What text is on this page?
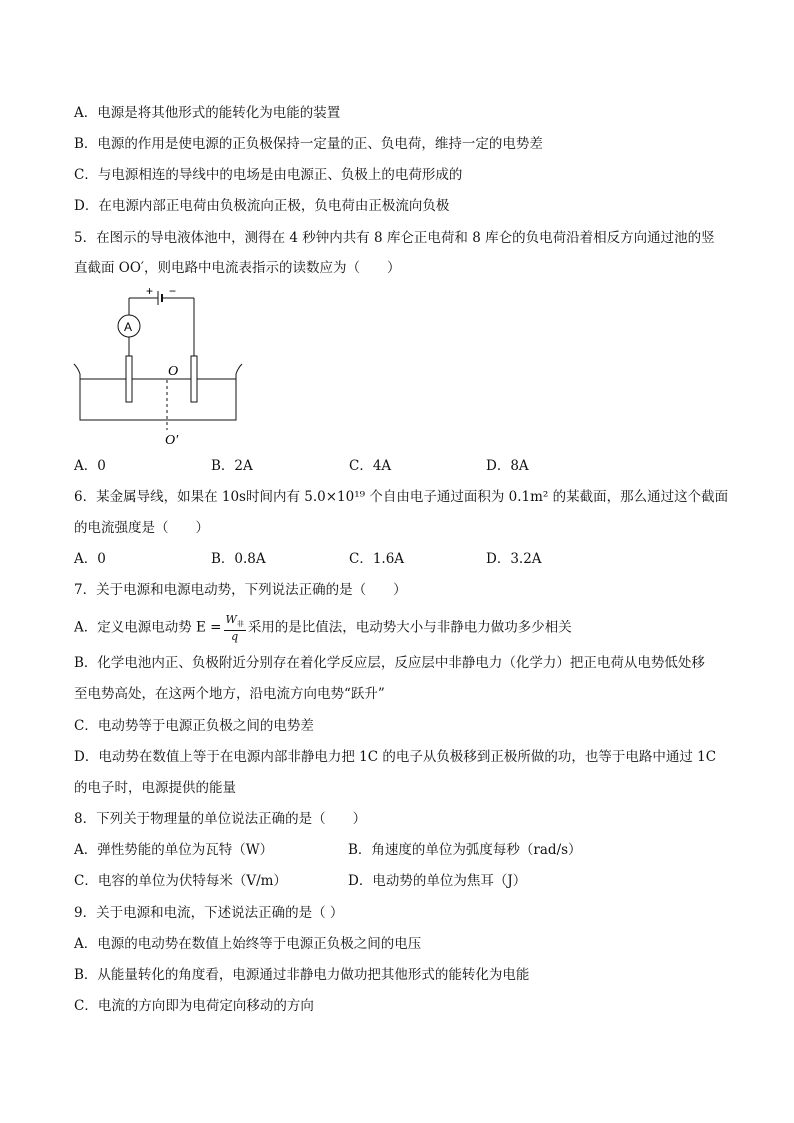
A．电源是将其他形式的能转化为电能的装置
B．电源的作用是使电源的正负极保持一定量的正、负电荷，维持一定的电势差
C．与电源相连的导线中的电场是由电源正、负极上的电荷形成的
D．在电源内部正电荷由负极流向正极，负电荷由正极流向负极
5．在图示的导电液体池中，测得在 4 秒钟内共有 8 库仑正电荷和 8 库仑的负电荷沿着相反方向通过池的竖
直截面 OO′，则电路中电流表指示的读数应为（　　）
+ −
A
O
O′
A．0	B．2A	C．4A	D．8A
6．某金属导线，如果在 10s时间内有 5.0×10¹⁹ 个自由电子通过面积为 0.1m² 的某截面，那么通过这个截面
的电流强度是（　　）
A．0	B．0.8A	C．1.6A	D．3.2A
7．关于电源和电源电动势，下列说法正确的是（　　）
A．定义电源电动势 $E = \frac{W_非}{q}$ 采用的是比值法，电动势大小与非静电力做功多少相关
B．化学电池内正、负极附近分别存在着化学反应层，反应层中非静电力（化学力）把正电荷从电势低处移
至电势高处，在这两个地方，沿电流方向电势“跃升”
C．电动势等于电源正负极之间的电势差
D．电动势在数值上等于在电源内部非静电力把 1C 的电子从负极移到正极所做的功，也等于电路中通过 1C
的电子时，电源提供的能量
8．下列关于物理量的单位说法正确的是（　　）
A．弹性势能的单位为瓦特（W）	B．角速度的单位为弧度每秒（rad/s）
C．电容的单位为伏特每米（V/m）	D．电动势的单位为焦耳（J）
9．关于电源和电流，下述说法正确的是（ ）
A．电源的电动势在数值上始终等于电源正负极之间的电压
B．从能量转化的角度看，电源通过非静电力做功把其他形式的能转化为电能
C．电流的方向即为电荷定向移动的方向
